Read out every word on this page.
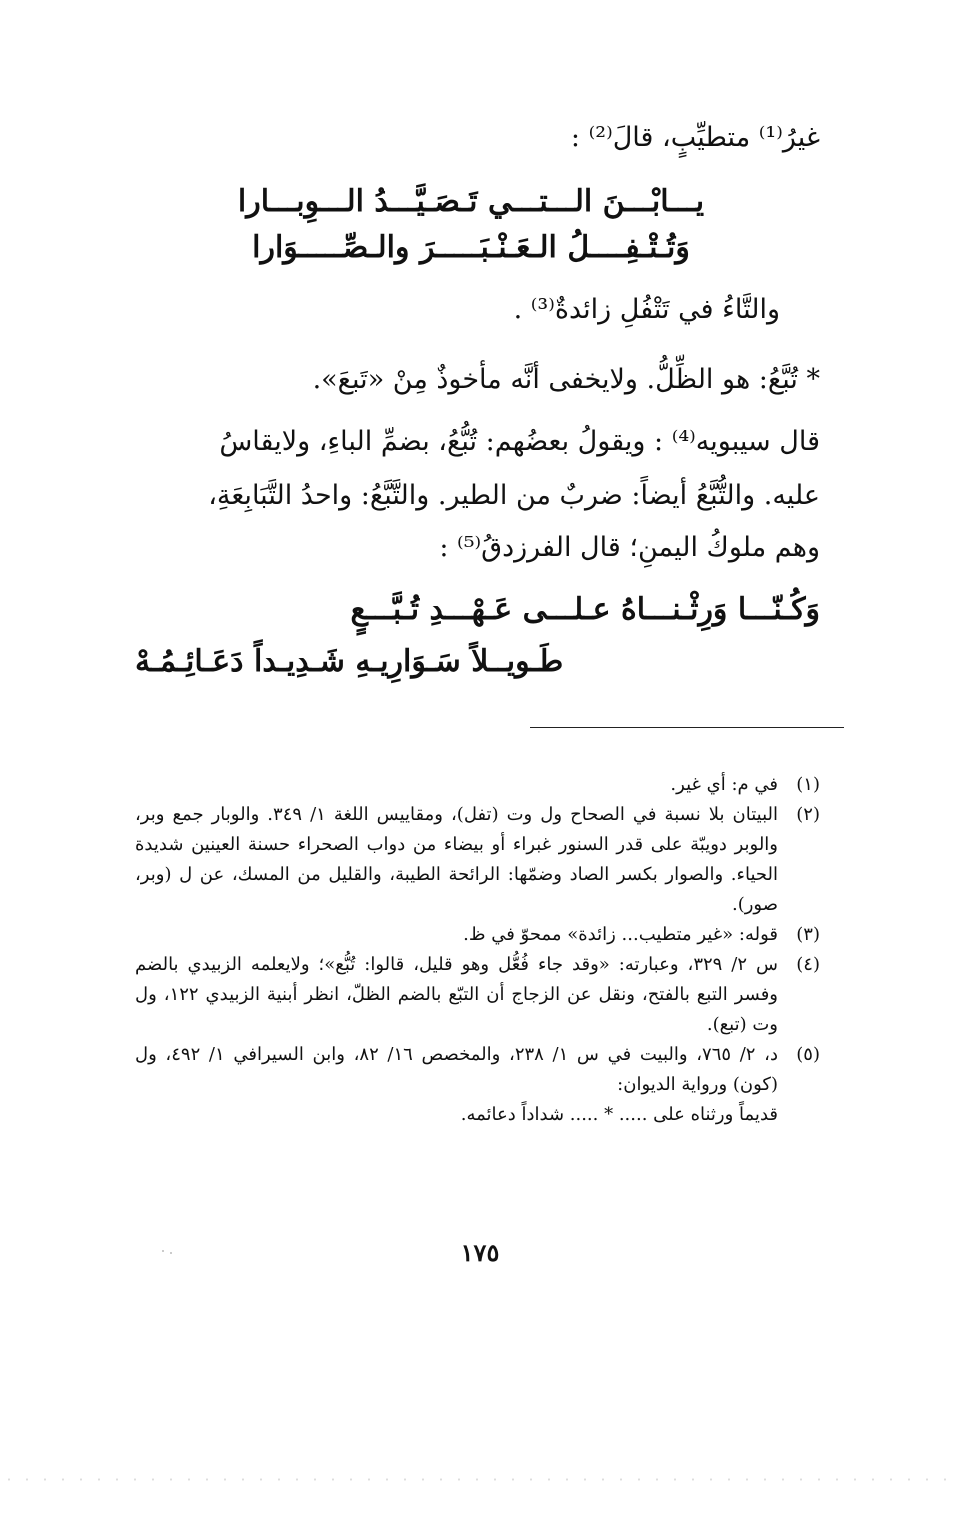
غيرُ⁽¹⁾ متطيِّبٍ، قالَ⁽²⁾ :
يـــابْـــنَ الـــتـــي تَـصَـيَّـــدُ الـــوِبـــارا
وَتُـتْـفِــــلُ الـعَـنْـبَـــــرَ والـصِّـــــوَارا
والتَّاءُ في تَتْفُلِ زائدةٌ⁽³⁾ .
* تُبَّعُ: هو الظِّلُّ. ولايخفى أنَّه مأخوذٌ مِنْ «تَبعَ».
قال سيبويه⁽⁴⁾ : ويقولُ بعضُهم: تُبُّعُ، بضمِّ الباءِ، ولايقاسُ
عليه. والتُّبَّعُ أيضاً: ضربٌ من الطير. والتَّبَّعُ: واحدُ التَّبَابِعَةِ،
وهم ملوكُ اليمنِ؛ قال الفرزدقُ⁽⁵⁾ :
وَكُـنّـــا وَرِثْـنـــاهُ عـلـــى عَـهْـــدِ تُـبَّـــعٍ
طَـويــلاً سَـوَارِيـهِ شَـدِيـداً دَعَـائِـمُـهْ
(١)
في م: أي غير.
(٢)
البيتان بلا نسبة في الصحاح ول وت (تفل)، ومقاييس اللغة ١/ ٣٤٩. والوبار جمع وبر، والوبر دويبّة على قدر السنور غبراء أو بيضاء من دواب الصحراء حسنة العينين شديدة الحياء. والصوار بكسر الصاد وضمّها: الرائحة الطيبة، والقليل من المسك، عن ل (وبر، صور).
(٣)
قوله: «غير متطيب... زائدة» ممحوّ في ظ.
(٤)
س ٢/ ٣٢٩، وعبارته: «وقد جاء فُعُّل وهو قليل، قالوا: تُبُّع»؛ ولايعلمه الزبيدي بالضم وفسر التبع بالفتح، ونقل عن الزجاج أن التبّع بالضم الظلّ، انظر أبنية الزبيدي ١٢٢، ول وت (تبع).
(٥)
د، ٢/ ٧٦٥، والبيت في س ١/ ٢٣٨، والمخصص ١٦/ ٨٢، وابن السيرافي ١/ ٤٩٢، ول (كون) ورواية الديوان:
قديماً ورثناه على ..... * ..... شداداً دعائمه.
١٧٥
